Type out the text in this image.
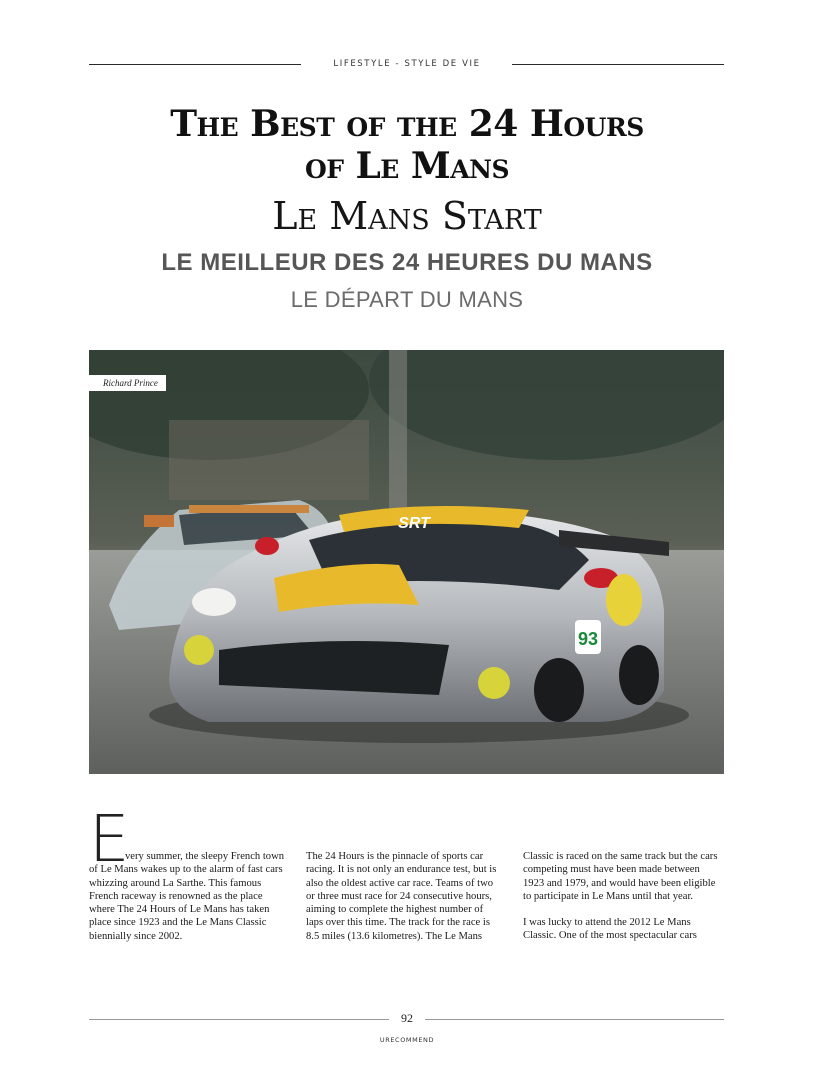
LIFESTYLE - STYLE DE VIE
The Best of the 24 Hours
of Le Mans
Le Mans Start
LE MEILLEUR DES 24 HEURES DU MANS
LE DÉPART DU MANS
SRT
93
Richard Prince
E

very summer, the sleepy French town of Le Mans wakes up to the alarm of fast cars whizzing around La Sarthe. This famous French raceway is renowned as the place where The 24 Hours of Le Mans has taken place since 1923 and the Le Mans Classic biennially since 2002.

The 24 Hours is the pinnacle of sports car racing. It is not only an endurance test, but is also the oldest active car race. Teams of two or three must race for 24 consecutive hours, aiming to complete the highest number of laps over this time. The track for the race is 8.5 miles (13.6 kilometres). The Le Mans

Classic is raced on the same track but the cars competing must have been made between 1923 and 1979, and would have been eligible to participate in Le Mans until that year.

I was lucky to attend the 2012 Le Mans Classic. One of the most spectacular cars

92
URECOMMEND
